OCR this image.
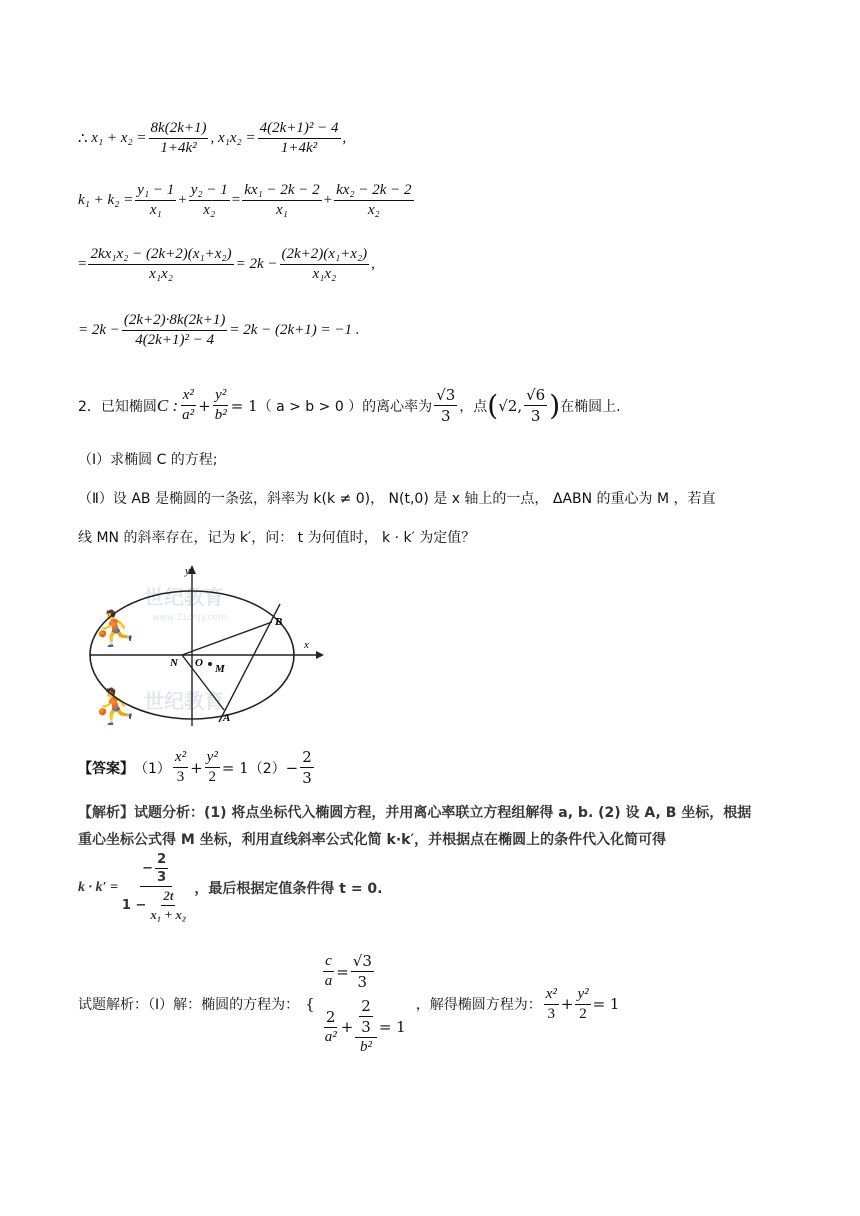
∴
$x_1 + x_2 = \frac{8k(2k+1)}{\text{1+4k²}}$ , $x_1x_2 = \frac{\text{4(2k+1)² − 4}}{\text{1+4k²}}$ ,
$k_1 + k_2 = \frac{\text{y₁ − 1}}{\text{x₁}} + \frac{\text{y₂ − 1}}{\text{x₂}} = \frac{\text{kx₁ − 2k − 2}}{\text{x₁}} + \frac{\text{kx₂ − 2k − 2}}{\text{x₂}}$
= $\frac{\text{2kx₁x₂ − (2k+2)(x₁+x₂)}}{\text{x₁x₂}} = 2k - \frac{\text{(2k+2)(x₁+x₂)}}{\text{x₁x₂}}$ ,
= $2k - \frac{(2k+2)\cdot 8k(2k+1)}{\text{4(2k+1)² − 4}} = 2k - (2k+1) = -1$ .
2． 已知椭圆 C : $\frac{\text{x²}}{\text{a²}} + \frac{\text{y²}}{\text{b²}} = 1$ （ a > b > 0 ）的离心率为 $\frac{√3}{3}$ ，点 ( √2, $\frac{√6}{3}$ ) 在椭圆上.
（Ⅰ）求椭圆 C 的方程;
（Ⅱ）设 AB 是椭圆的一条弦，斜率为 k(k ≠ 0)， N(t,0) 是 x 轴上的一点， ΔABN 的重心为 M ，若直
线 MN 的斜率存在，记为 k′，问： t 为何值时， k · k′ 为定值？
⛹
世纪教育
www.21cnjy.com
⛹ 世纪教育
y
x
B
N O M
A
【答案】 $(1) \frac{\text{x²}}{3} + \frac{\text{y²}}{2} = 1$ $(2) - \frac{2}{3}$
【解析】试题分析：(1) 将点坐标代入椭圆方程，并用离心率联立方程组解得 a, b. (2) 设 A, B 坐标，根据
重心坐标公式得 M 坐标，利用直线斜率公式化简 k·k′，并根据点在椭圆上的条件代入化简可得
$k \cdot k' = \frac{- \frac{2}{3}}{1 - \frac{2t}{\text{x₁ + x₂}}}$ ，最后根据定值条件得 t = 0.
试题解析：（Ⅰ）解：椭圆的方程为： {
$\frac{c}{a} = \frac{√3}{3}$
$\frac{2}{\text{a²}} + \frac{\frac{2}{3}}{\text{b²}} = 1$
，解得椭圆方程为： $\frac{\text{x²}}{3} + \frac{\text{y²}}{2} = 1$
